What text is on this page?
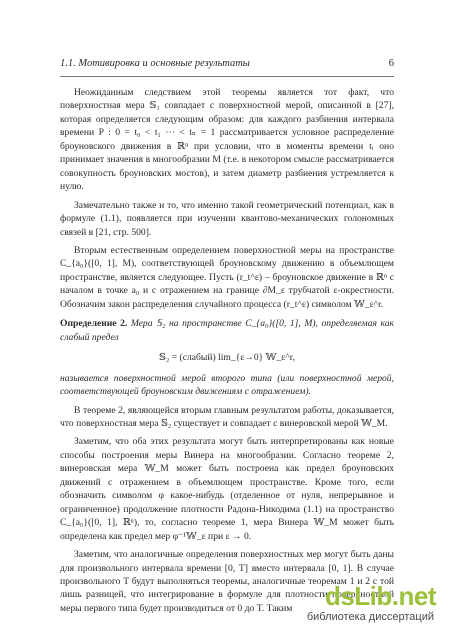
1.1. Мотивировка и основные результаты	6

Неожиданным следствием этой теоремы является тот факт, что поверхностная мера 𝕊₁ совпадает с поверхностной мерой, описанной в [27], которая определяется следующим образом: для каждого разбиения интервала времени P : 0 = t₀ < t₁ ··· < tₙ = 1 рассматривается условное распределение броуновского движения в ℝⁿ при условии, что в моменты времени tᵢ оно принимает значения в многообразии M (т.е. в некотором смысле рассматривается совокупность броуновских мостов), и затем диаметр разбиения устремляется к нулю.

Замечательно также и то, что именно такой геометрический потенциал, как в формуле (1.1), появляется при изучении квантово-механических голономных связей в [21, стр. 500].

Вторым естественным определением поверхностной меры на пространстве C_{a₀}([0, 1], M), соответствующей броуновскому движению в объемлющем пространстве, является следующее. Пусть (r_t^ε) – броуновское движение в ℝⁿ с началом в точке a₀ и с отражением на границе ∂M_ε трубчатой ε-окрестности. Обозначим закон распределения случайного процесса (r_t^ε) символом 𝕎_ε^r.

Определение 2. Мера 𝕊₂ на пространстве C_{a₀}([0, 1], M), определяемая как слабый предел

𝕊₂ = (слабый) lim_{ε→0} 𝕎_ε^r,

называется поверхностной мерой второго типа (или поверхностной мерой, соответствующей броуновским движениям с отражением).

В теореме 2, являющейся вторым главным результатом работы, доказывается, что поверхностная мера 𝕊₂ существует и совпадает с винеровской мерой 𝕎_M.

Заметим, что оба этих результата могут быть интерпретированы как новые способы построения меры Винера на многообразии. Согласно теореме 2, винеровская мера 𝕎_M может быть построена как предел броуновских движений с отражением в объемлющем пространстве. Кроме того, если обозначить символом φ какое-нибудь (отделенное от нуля, непрерывное и ограниченное) продолжение плотности Радона-Никодима (1.1) на пространство C_{a₀}([0, 1], ℝⁿ), то, согласно теореме 1, мера Винера 𝕎_M может быть определена как предел мер φ⁻¹𝕎_ε при ε → 0.

Заметим, что аналогичные определения поверхностных мер могут быть даны для произвольного интервала времени [0, T] вместо интервала [0, 1]. В случае произвольного T будут выполняться теоремы, аналогичные теоремам 1 и 2 с той лишь разницей, что интегрирование в формуле для плотности поверхностной меры первого типа будет производиться от 0 до T. Таким	dsLib.net
библиотека диссертаций
